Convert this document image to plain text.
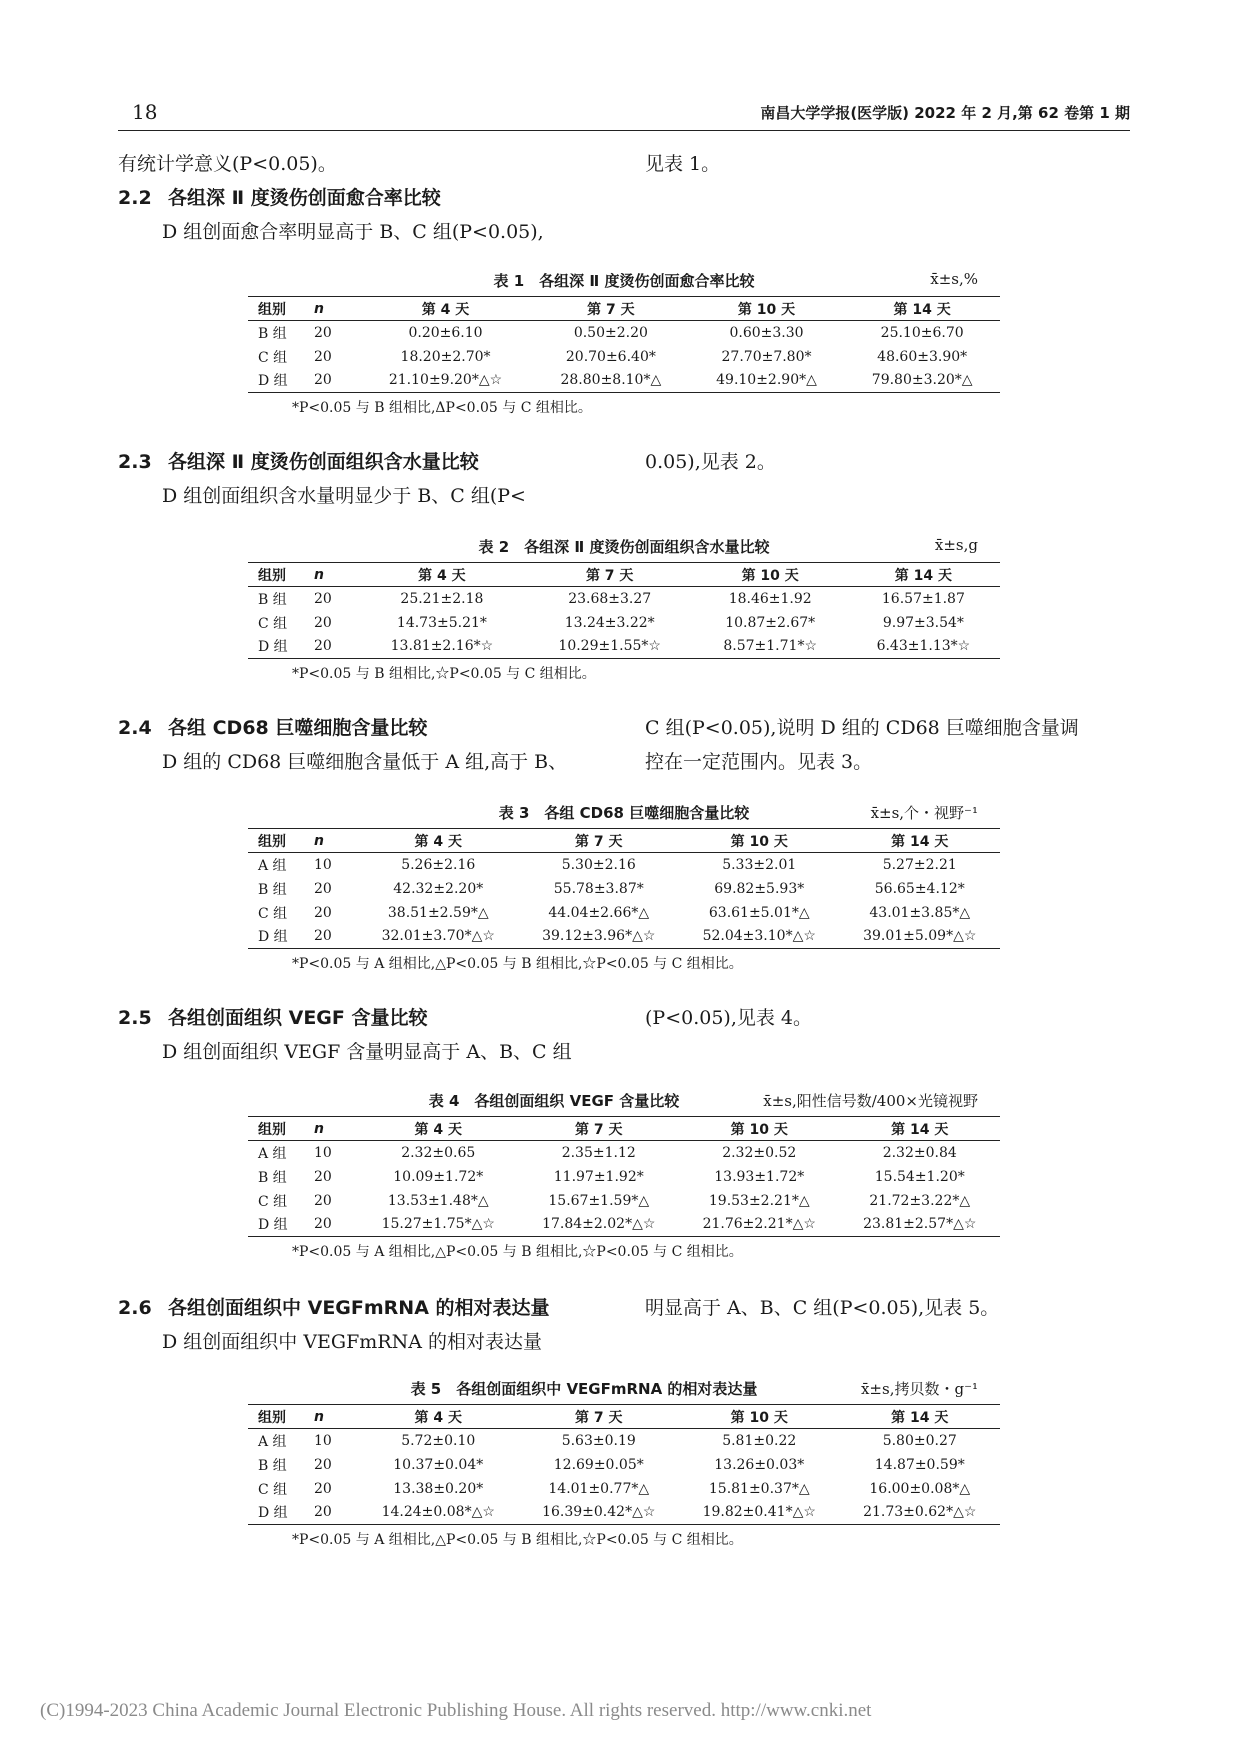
18	南昌大学学报(医学版) 2022 年 2 月,第 62 卷第 1 期
有统计学意义(P<0.05)。	见表 1。
2.2 各组深 Ⅱ 度烫伤创面愈合率比较
D 组创面愈合率明显高于 B、C 组(P<0.05),
表 1　各组深 Ⅱ 度烫伤创面愈合率比较	x̄±s,%
组别	n	第 4 天	第 7 天	第 10 天	第 14 天
B 组	20	0.20±6.10	0.50±2.20	0.60±3.30	25.10±6.70
C 组	20	18.20±2.70*	20.70±6.40*	27.70±7.80*	48.60±3.90*
D 组	20	21.10±9.20*△☆	28.80±8.10*△	49.10±2.90*△	79.80±3.20*△
*P<0.05 与 B 组相比,ΔP<0.05 与 C 组相比。
2.3 各组深 Ⅱ 度烫伤创面组织含水量比较	0.05),见表 2。
D 组创面组织含水量明显少于 B、C 组(P<
表 2　各组深 Ⅱ 度烫伤创面组织含水量比较	x̄±s,g
组别	n	第 4 天	第 7 天	第 10 天	第 14 天
B 组	20	25.21±2.18	23.68±3.27	18.46±1.92	16.57±1.87
C 组	20	14.73±5.21*	13.24±3.22*	10.87±2.67*	9.97±3.54*
D 组	20	13.81±2.16*☆	10.29±1.55*☆	8.57±1.71*☆	6.43±1.13*☆
*P<0.05 与 B 组相比,☆P<0.05 与 C 组相比。
2.4 各组 CD68 巨噬细胞含量比较	C 组(P<0.05),说明 D 组的 CD68 巨噬细胞含量调
D 组的 CD68 巨噬细胞含量低于 A 组,高于 B、	控在一定范围内。见表 3。
表 3　各组 CD68 巨噬细胞含量比较	x̄±s,个・视野⁻¹
组别	n	第 4 天	第 7 天	第 10 天	第 14 天
A 组	10	5.26±2.16	5.30±2.16	5.33±2.01	5.27±2.21
B 组	20	42.32±2.20*	55.78±3.87*	69.82±5.93*	56.65±4.12*
C 组	20	38.51±2.59*△	44.04±2.66*△	63.61±5.01*△	43.01±3.85*△
D 组	20	32.01±3.70*△☆	39.12±3.96*△☆	52.04±3.10*△☆	39.01±5.09*△☆
*P<0.05 与 A 组相比,△P<0.05 与 B 组相比,☆P<0.05 与 C 组相比。
2.5 各组创面组织 VEGF 含量比较	(P<0.05),见表 4。
D 组创面组织 VEGF 含量明显高于 A、B、C 组
表 4　各组创面组织 VEGF 含量比较	x̄±s,阳性信号数/400×光镜视野
组别	n	第 4 天	第 7 天	第 10 天	第 14 天
A 组	10	2.32±0.65	2.35±1.12	2.32±0.52	2.32±0.84
B 组	20	10.09±1.72*	11.97±1.92*	13.93±1.72*	15.54±1.20*
C 组	20	13.53±1.48*△	15.67±1.59*△	19.53±2.21*△	21.72±3.22*△
D 组	20	15.27±1.75*△☆	17.84±2.02*△☆	21.76±2.21*△☆	23.81±2.57*△☆
*P<0.05 与 A 组相比,△P<0.05 与 B 组相比,☆P<0.05 与 C 组相比。
2.6 各组创面组织中 VEGFmRNA 的相对表达量	明显高于 A、B、C 组(P<0.05),见表 5。
D 组创面组织中 VEGFmRNA 的相对表达量
表 5　各组创面组织中 VEGFmRNA 的相对表达量	x̄±s,拷贝数・g⁻¹
组别	n	第 4 天	第 7 天	第 10 天	第 14 天
A 组	10	5.72±0.10	5.63±0.19	5.81±0.22	5.80±0.27
B 组	20	10.37±0.04*	12.69±0.05*	13.26±0.03*	14.87±0.59*
C 组	20	13.38±0.20*	14.01±0.77*△	15.81±0.37*△	16.00±0.08*△
D 组	20	14.24±0.08*△☆	16.39±0.42*△☆	19.82±0.41*△☆	21.73±0.62*△☆
*P<0.05 与 A 组相比,△P<0.05 与 B 组相比,☆P<0.05 与 C 组相比。
(C)1994-2023 China Academic Journal Electronic Publishing House. All rights reserved. http://www.cnki.net
